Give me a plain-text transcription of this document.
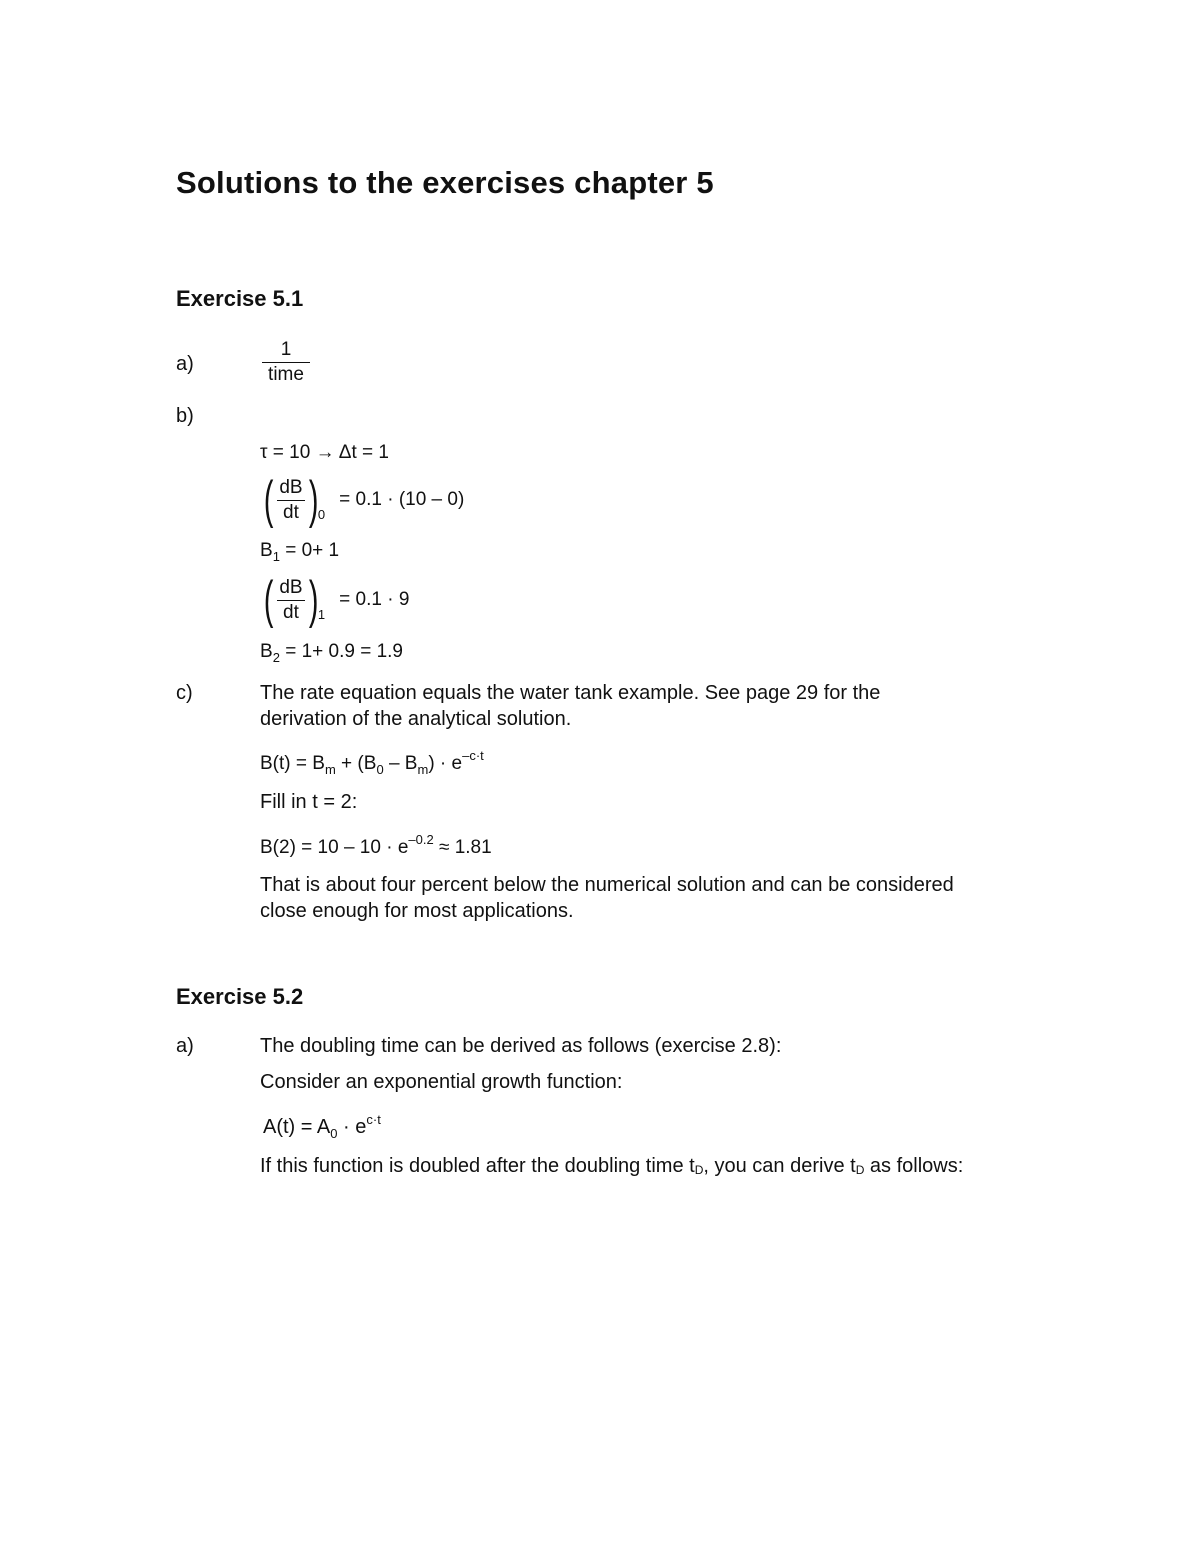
Solutions to the exercises chapter 5
Exercise 5.1
a)	$\frac{1}{\text{time}}$
b)
τ = 10 → Δt = 1
( $\frac{dB}{dt}$ ) 0
= 0.1 · (10 – 0)
$B_1 = 0+ 1$
( $\frac{dB}{dt}$ ) 1
= 0.1 · 9
$B_2 = 1+ 0.9 = 1.9$
c)	The rate equation equals the water tank example. See page 29 for the
derivation of the analytical solution.
$B(t) = B_m + (B_0 - B_m) \cdot e^{-c\cdot t}$
Fill in t = 2:
$B(2) = 10 - 10 \cdot e^{-0.2} \approx 1.81$
That is about four percent below the numerical solution and can be considered
close enough for most applications.
Exercise 5.2
a)	The doubling time can be derived as follows (exercise 2.8):
Consider an exponential growth function:
$A(t) = A_0 \cdot e^{c\cdot t}$
If this function is doubled after the doubling time tD, you can derive tD as follows:
